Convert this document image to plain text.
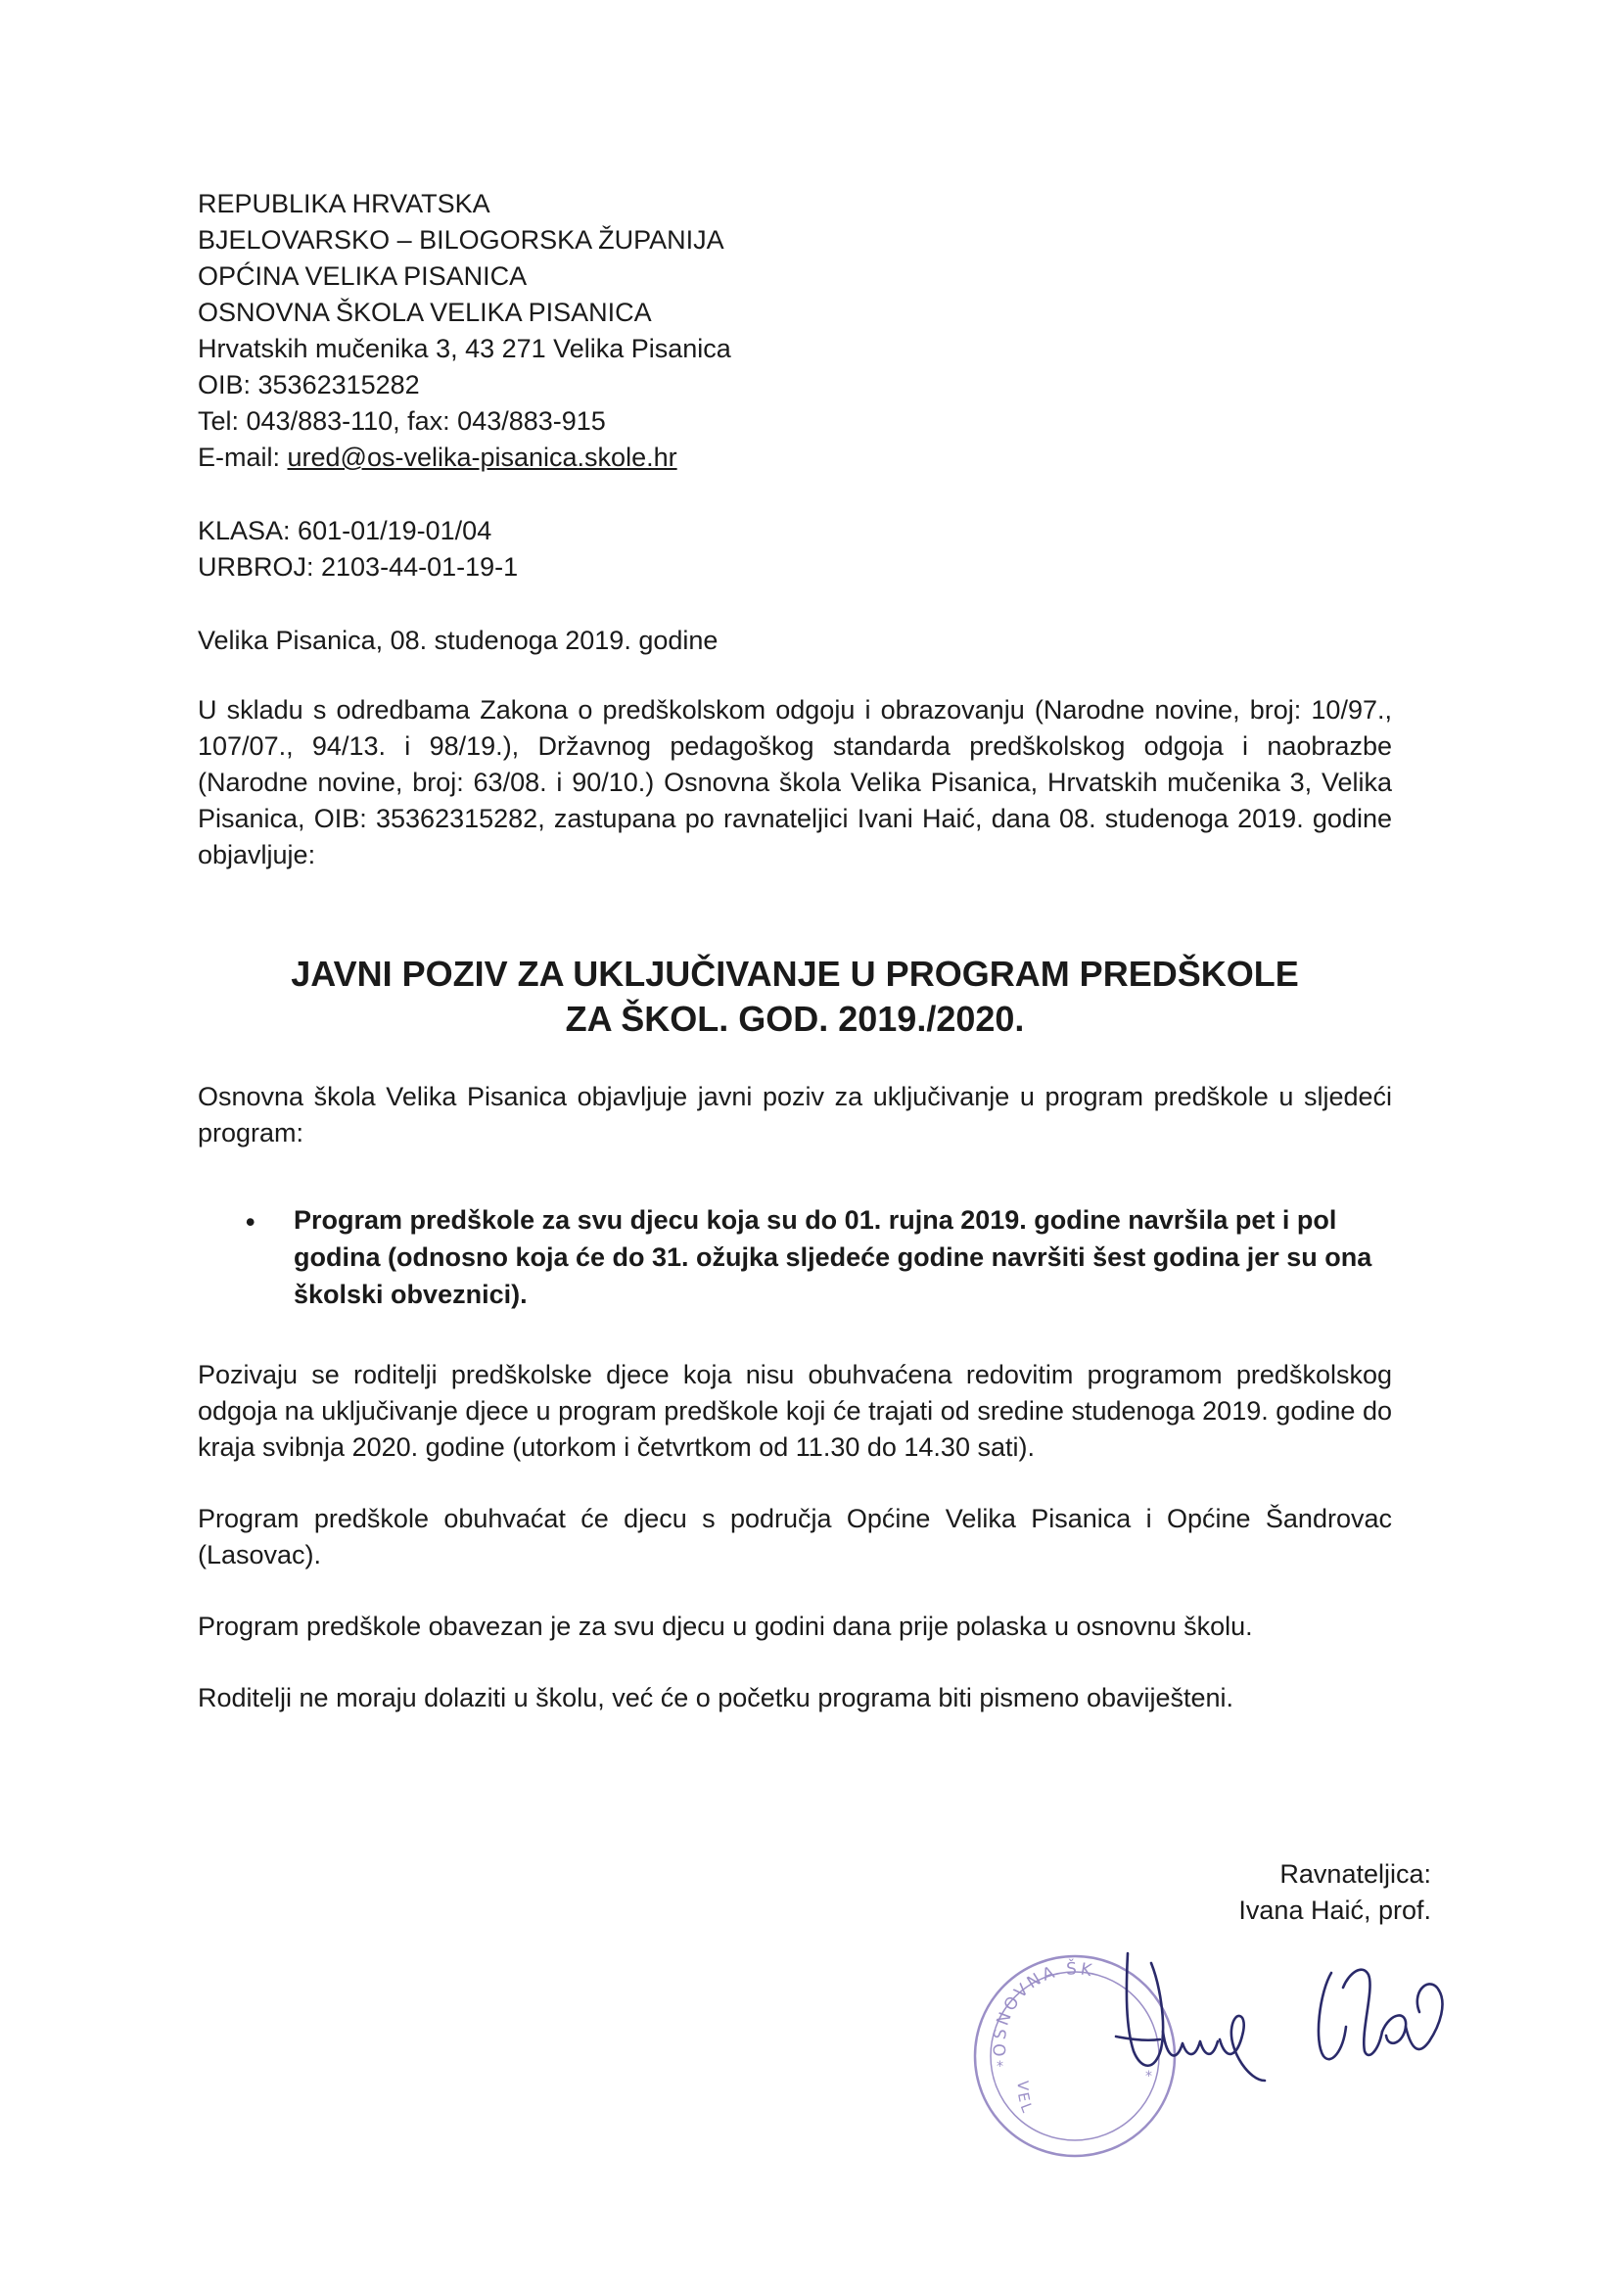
REPUBLIKA HRVATSKA
BJELOVARSKO – BILOGORSKA ŽUPANIJA
OPĆINA VELIKA PISANICA
OSNOVNA ŠKOLA VELIKA PISANICA
Hrvatskih mučenika 3, 43 271 Velika Pisanica
OIB: 35362315282
Tel: 043/883-110, fax: 043/883-915
E-mail: ured@os-velika-pisanica.skole.hr
KLASA: 601-01/19-01/04
URBROJ: 2103-44-01-19-1
Velika Pisanica, 08. studenoga 2019. godine

U skladu s odredbama Zakona o predškolskom odgoju i obrazovanju (Narodne novine, broj: 10/97., 107/07., 94/13. i 98/19.), Državnog pedagoškog standarda predškolskog odgoja i naobrazbe (Narodne novine, broj: 63/08. i 90/10.) Osnovna škola Velika Pisanica, Hrvatskih mučenika 3, Velika Pisanica, OIB: 35362315282, zastupana po ravnateljici Ivani Haić, dana 08. studenoga 2019. godine objavljuje:

JAVNI POZIV ZA UKLJUČIVANJE U PROGRAM PREDŠKOLE
ZA ŠKOL. GOD. 2019./2020.

Osnovna škola Velika Pisanica objavljuje javni poziv za uključivanje u program predškole u sljedeći program:

• Program predškole za svu djecu koja su do 01. rujna 2019. godine navršila pet i pol godina (odnosno koja će do 31. ožujka sljedeće godine navršiti šest godina jer su ona školski obveznici).

Pozivaju se roditelji predškolske djece koja nisu obuhvaćena redovitim programom predškolskog odgoja na uključivanje djece u program predškole koji će trajati od sredine studenoga 2019. godine do kraja svibnja 2020. godine (utorkom i četvrtkom od 11.30 do 14.30 sati).

Program predškole obuhvaćat će djecu s područja Općine Velika Pisanica i Općine Šandrovac (Lasovac).

Program predškole obavezan je za svu djecu u godini dana prije polaska u osnovnu školu.

Roditelji ne moraju dolaziti u školu, već će o početku programa biti pismeno obaviješteni.

Ravnateljica:
Ivana Haić, prof.
OSNOVNA ŠK
VEL
*
*
